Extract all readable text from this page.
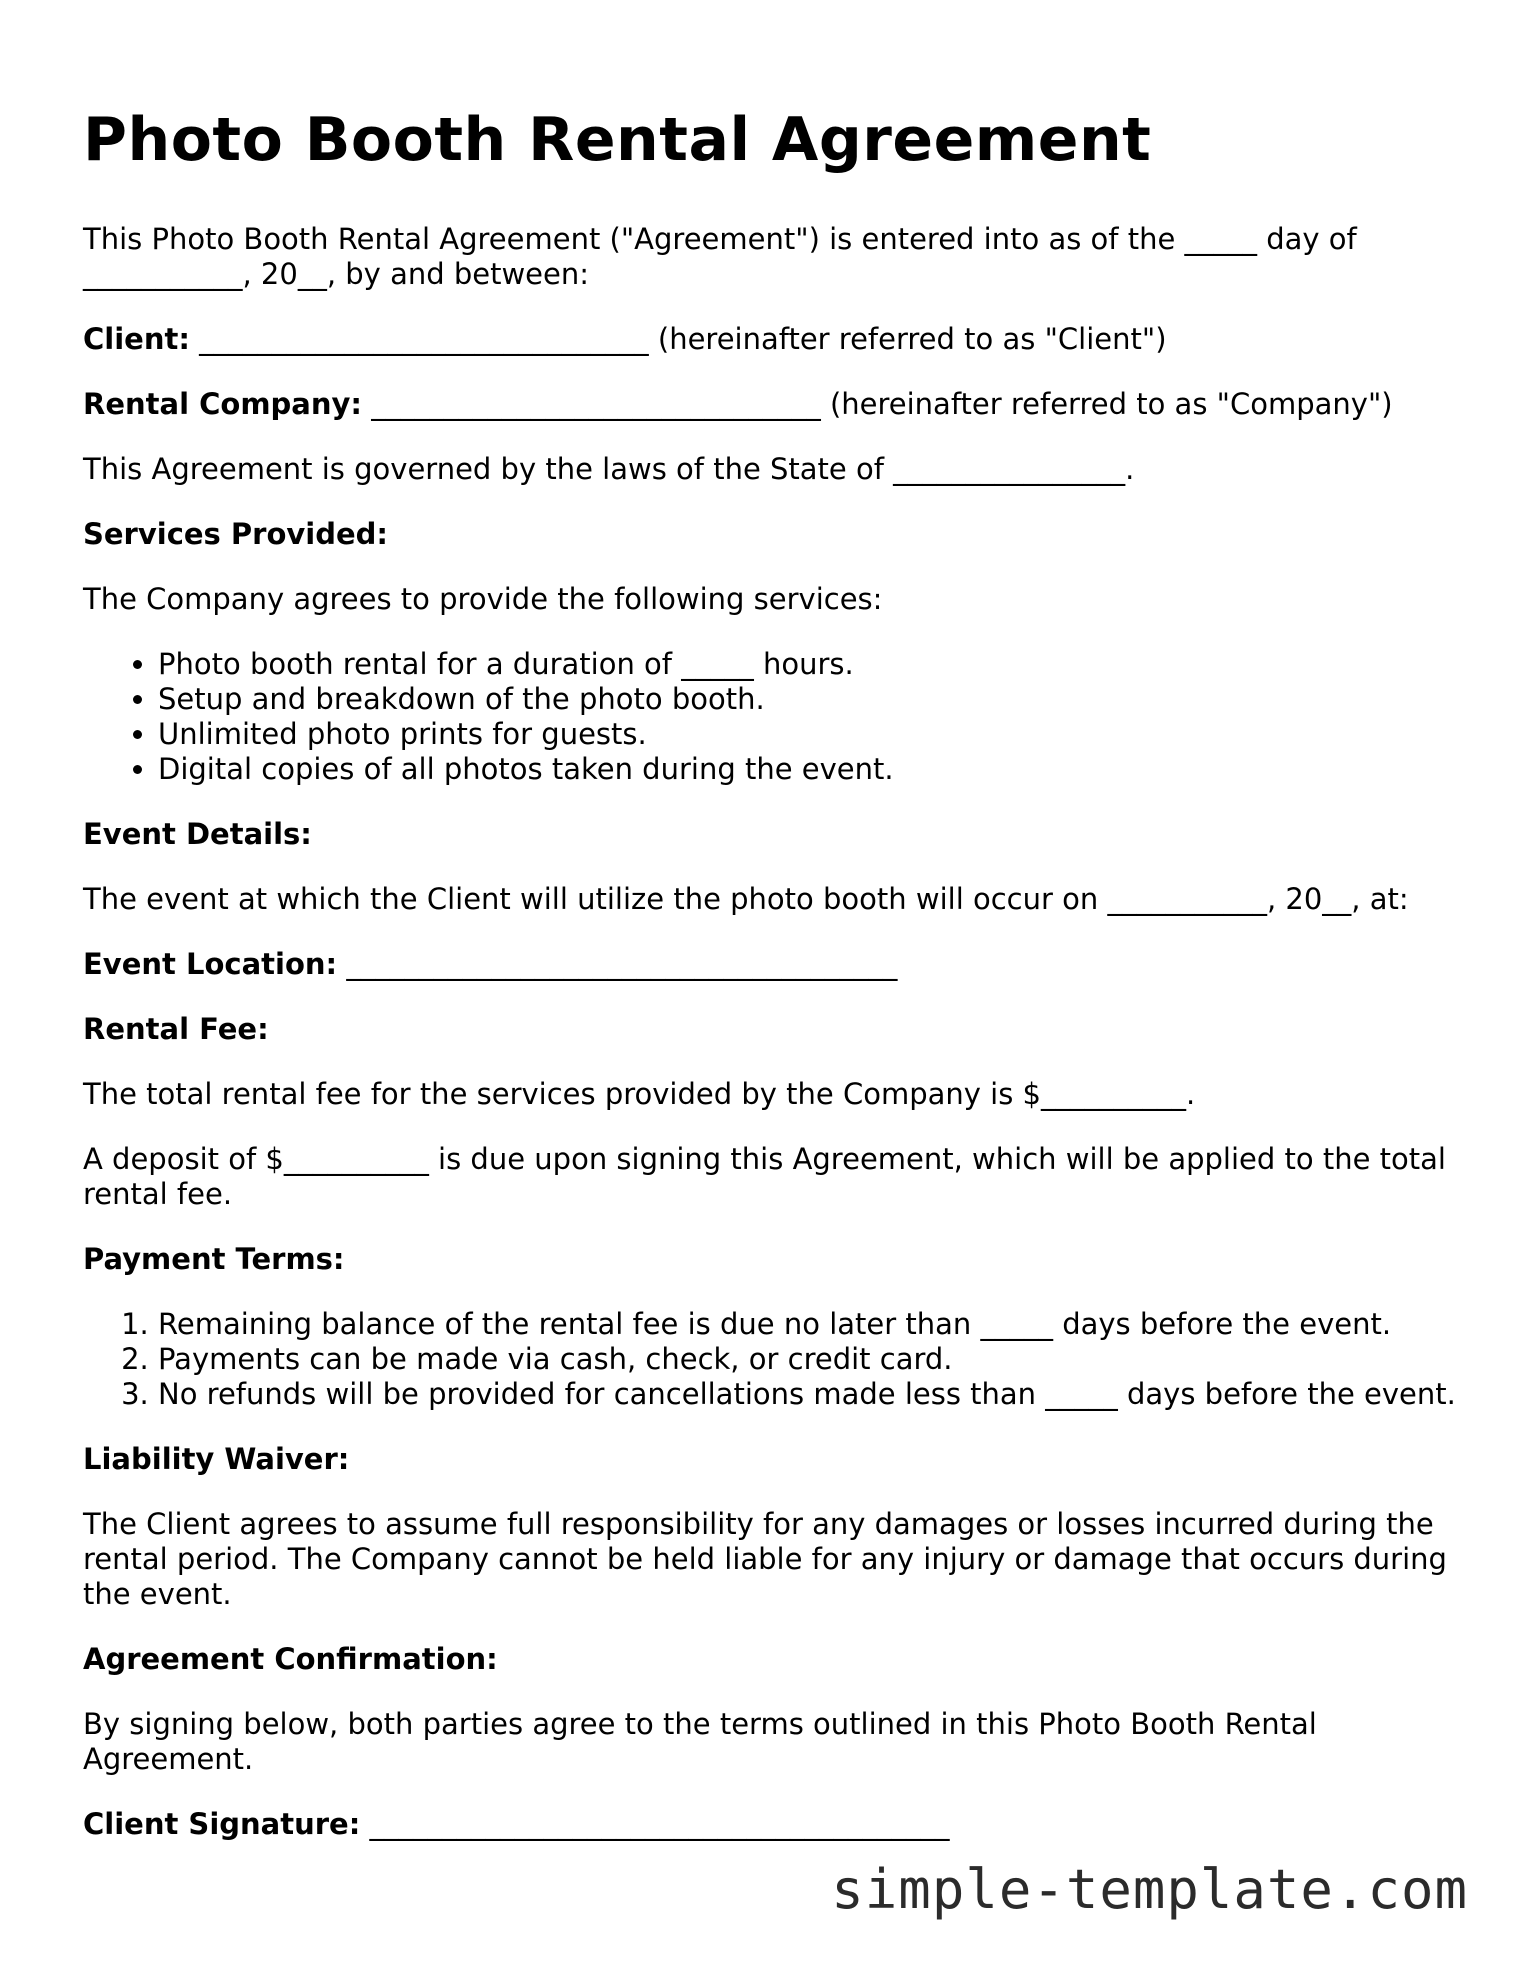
Photo Booth Rental Agreement

This Photo Booth Rental Agreement ("Agreement") is entered into as of the _____ day of ___________, 20__, by and between:

Client: _______________________________ (hereinafter referred to as "Client")

Rental Company: _______________________________ (hereinafter referred to as "Company")

This Agreement is governed by the laws of the State of ________________.

Services Provided:

The Company agrees to provide the following services:

• Photo booth rental for a duration of _____ hours.
• Setup and breakdown of the photo booth.
• Unlimited photo prints for guests.
• Digital copies of all photos taken during the event.

Event Details:

The event at which the Client will utilize the photo booth will occur on ___________, 20__, at:

Event Location: ______________________________________

Rental Fee:

The total rental fee for the services provided by the Company is $__________.

A deposit of $__________ is due upon signing this Agreement, which will be applied to the total rental fee.

Payment Terms:

1. Remaining balance of the rental fee is due no later than _____ days before the event.
2. Payments can be made via cash, check, or credit card.
3. No refunds will be provided for cancellations made less than _____ days before the event.

Liability Waiver:

The Client agrees to assume full responsibility for any damages or losses incurred during the rental period. The Company cannot be held liable for any injury or damage that occurs during the event.

Agreement Confirmation:

By signing below, both parties agree to the terms outlined in this Photo Booth Rental Agreement.

Client Signature: ________________________________________

simple-template.com
